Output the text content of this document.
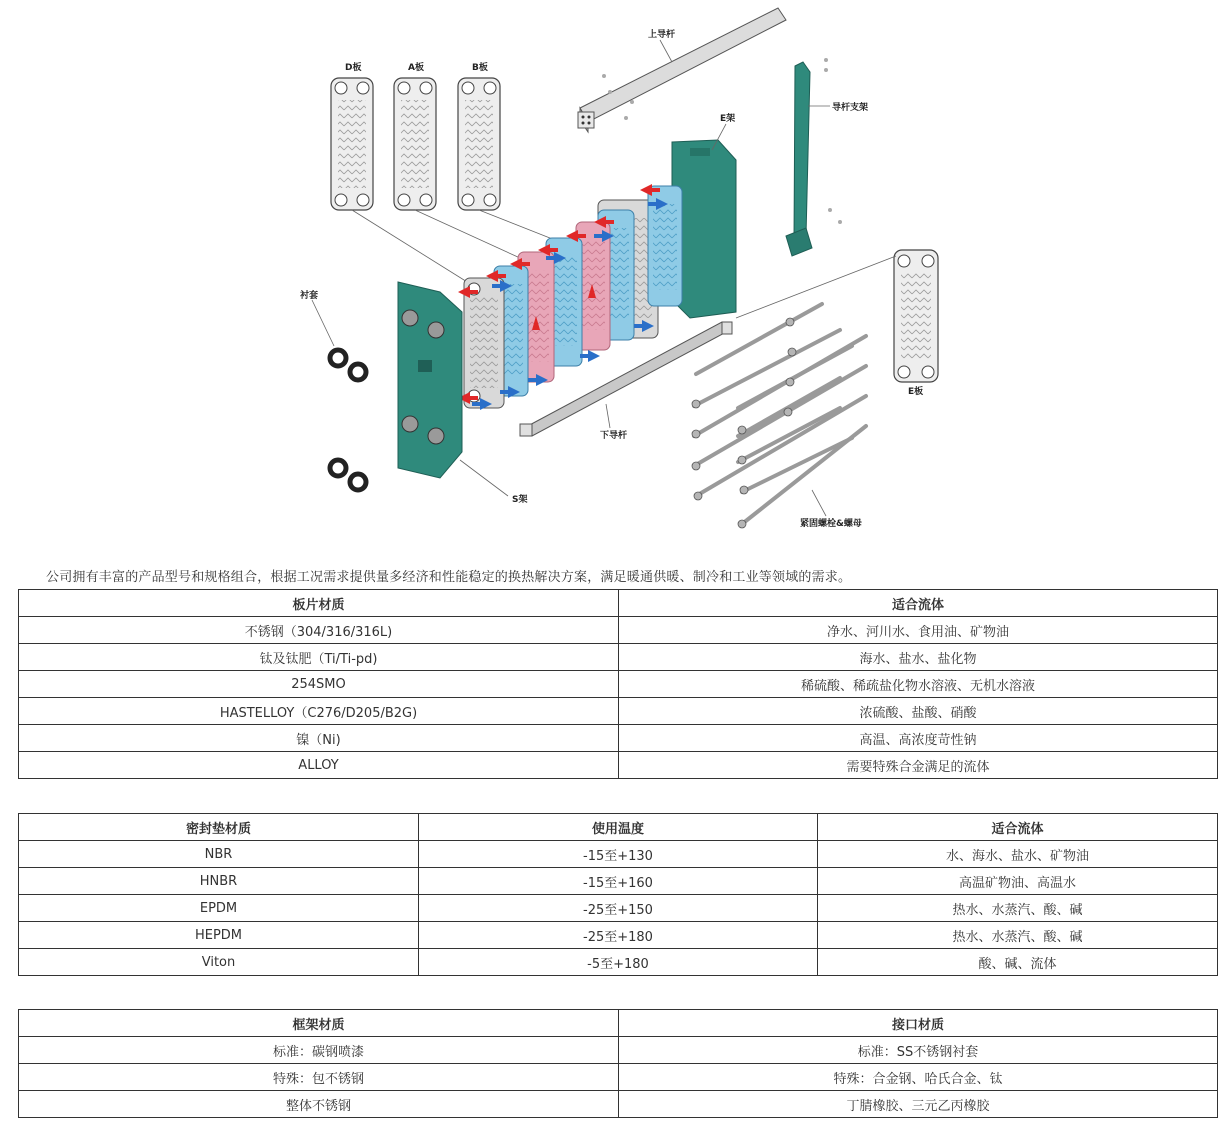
D板	A板	B板
上导杆
导杆支架
E架
衬套
S架
下导杆
E板
紧固螺栓&螺母
公司拥有丰富的产品型号和规格组合，根据工况需求提供量多经济和性能稳定的换热解决方案，满足暖通供暖、制冷和工业等领域的需求。
板片材质	适合流体
不锈钢（304/316/316L)	净水、河川水、食用油、矿物油
钛及钛肥（Ti/Ti-pd)	海水、盐水、盐化物
254SMO	稀硫酸、稀疏盐化物水溶液、无机水溶液
HASTELLOY（C276/D205/B2G)	浓硫酸、盐酸、硝酸
镍（Ni)	高温、高浓度苛性钠
ALLOY	需要特殊合金满足的流体
密封垫材质	使用温度	适合流体
NBR	-15至+130	水、海水、盐水、矿物油
HNBR	-15至+160	高温矿物油、高温水
EPDM	-25至+150	热水、水蒸汽、酸、碱
HEPDM	-25至+180	热水、水蒸汽、酸、碱
Viton	-5至+180	酸、碱、流体
框架材质	接口材质
标准：碳钢喷漆	标准：SS不锈钢衬套
特殊：包不锈钢	特殊：合金钢、哈氏合金、钛
整体不锈钢	丁腈橡胶、三元乙丙橡胶
